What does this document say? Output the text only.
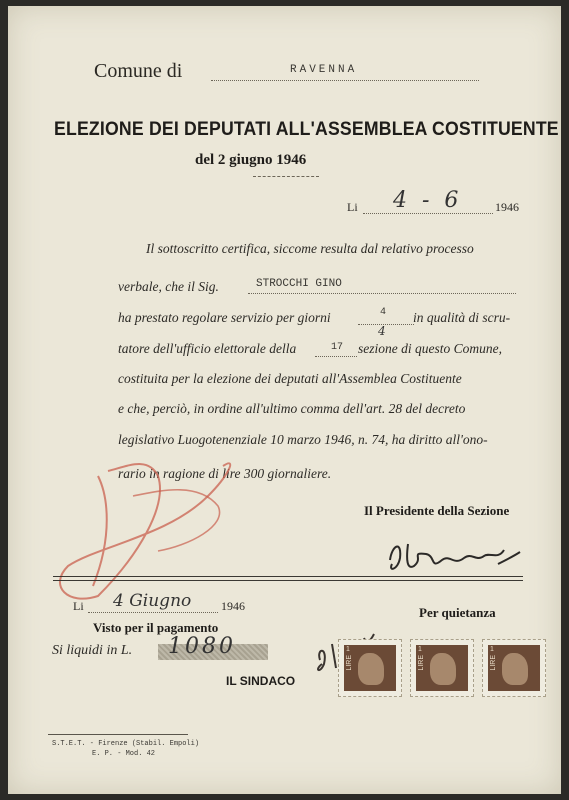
Comune di	RAVENNA
ELEZIONE DEI DEPUTATI ALL'ASSEMBLEA COSTITUENTE
del 2 giugno 1946
Li 4 - 6	1946
Il sottoscritto certifica, siccome resulta dal relativo processo
verbale, che il Sig.	STROCCHI GINO
ha prestato regolare servizio per giorni	4
4
in qualità di scru-
tatore dell'ufficio elettorale della	17 sezione di questo Comune,
costituita per la elezione dei deputati all'Assemblea Costituente
e che, perciò, in ordine all'ultimo comma dell'art. 28 del decreto
legislativo Luogotenenziale 10 marzo 1946, n. 74, ha diritto all'ono-
rario in ragione di lire 300 giornaliere.
Il Presidente della Sezione
Li 4 Giugno 1946
Visto per il pagamento
Per quietanza
Si liquidi in L. 1080
IL SINDACO
1
LIRE
1
LIRE
1
LIRE
S.T.E.T. - Firenze (Stabil. Empoli)
E. P. - Mod. 42
